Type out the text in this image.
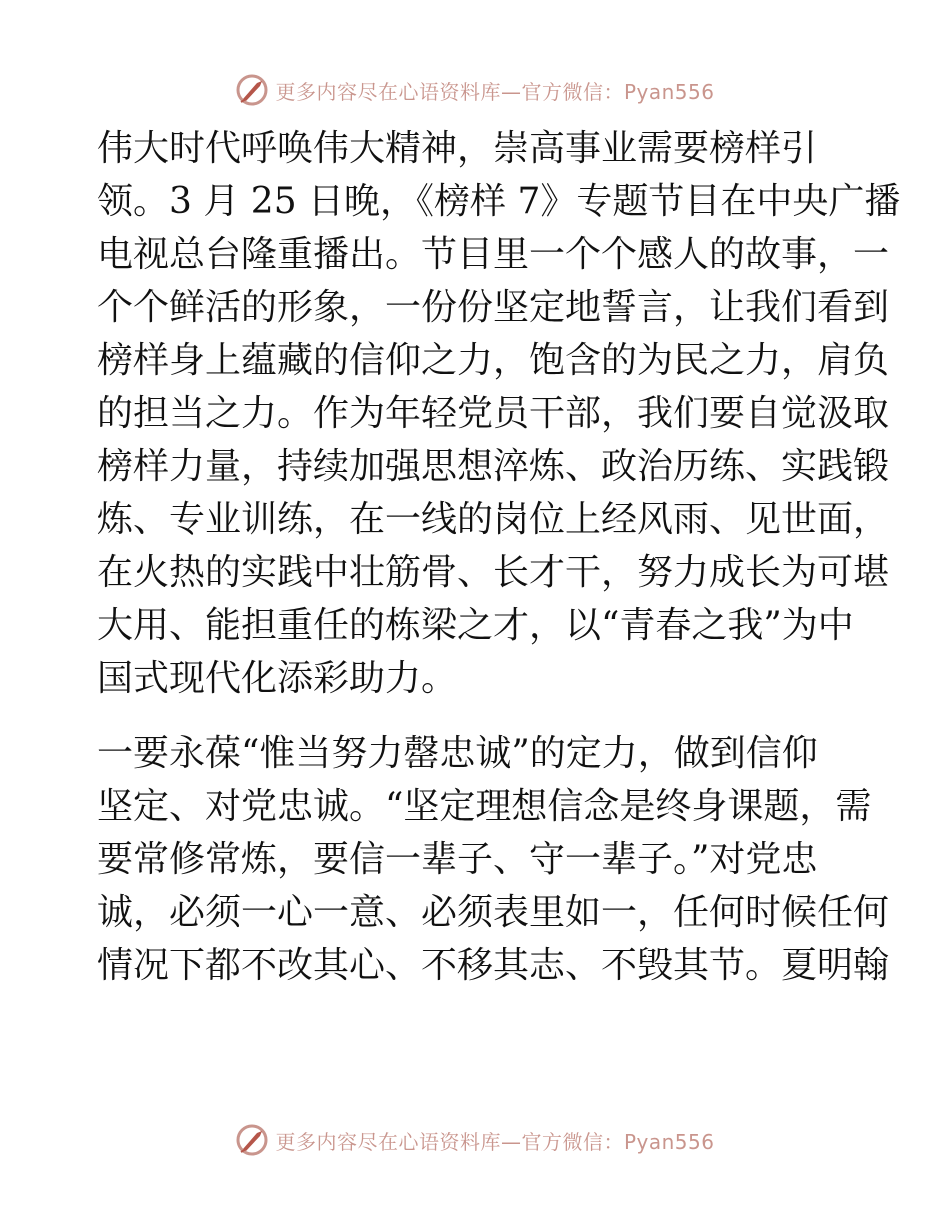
更多内容尽在心语资料库—官方微信：Pyan556

伟大时代呼唤伟大精神，崇高事业需要榜样引
领。3 月 25 日晚，《榜样 7》专题节目在中央广播
电视总台隆重播出。节目里一个个感人的故事，一
个个鲜活的形象，一份份坚定地誓言，让我们看到
榜样身上蕴藏的信仰之力，饱含的为民之力，肩负
的担当之力。作为年轻党员干部，我们要自觉汲取
榜样力量，持续加强思想淬炼、政治历练、实践锻
炼、专业训练，在一线的岗位上经风雨、见世面，
在火热的实践中壮筋骨、长才干，努力成长为可堪
大用、能担重任的栋梁之才，以“青春之我”为中
国式现代化添彩助力。

一要永葆“惟当努力罄忠诚”的定力，做到信仰
坚定、对党忠诚。“坚定理想信念是终身课题，需
要常修常炼，要信一辈子、守一辈子。”对党忠
诚，必须一心一意、必须表里如一，任何时候任何
情况下都不改其心、不移其志、不毁其节。夏明翰

更多内容尽在心语资料库—官方微信：Pyan556
